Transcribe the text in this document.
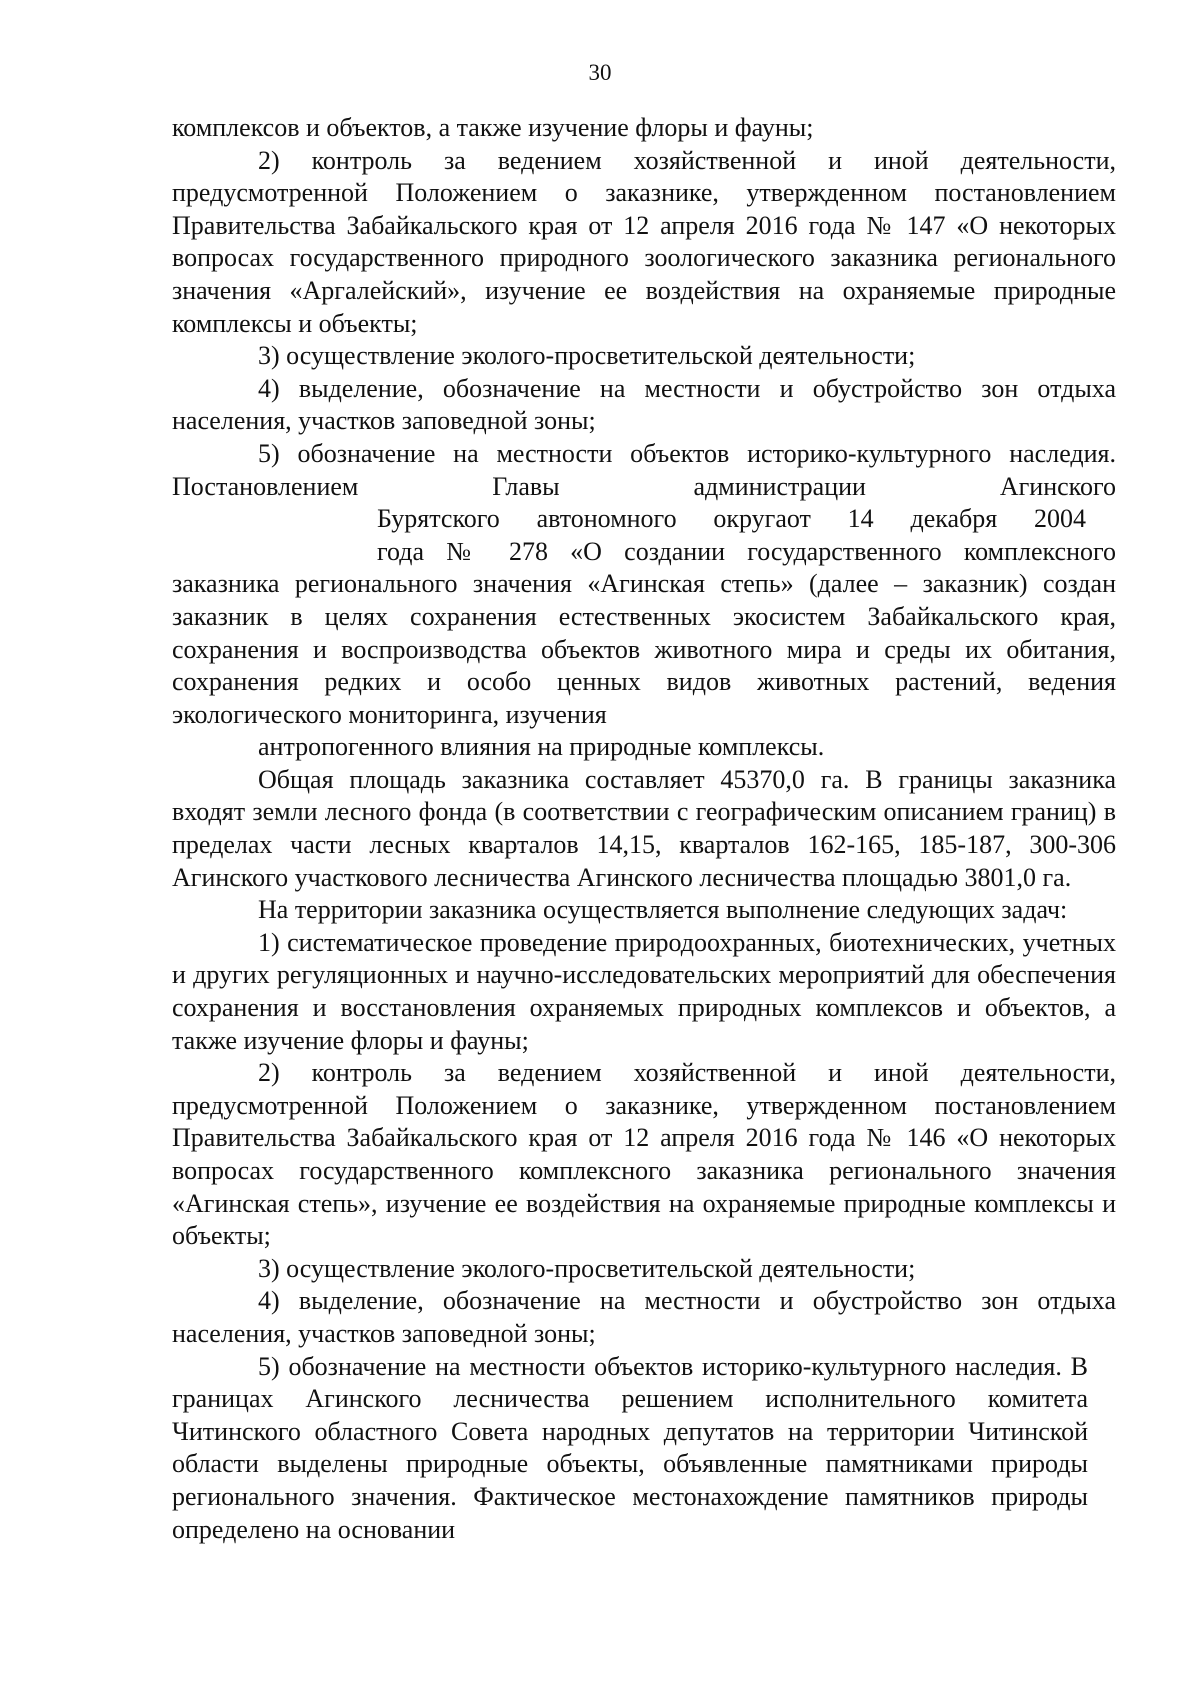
30

комплексов и объектов, а также изучение флоры и фауны;

2) контроль за ведением хозяйственной и иной деятельности, предусмотренной Положением о заказнике, утвержденном постановлением Правительства Забайкальского края от 12 апреля 2016 года № 147 «О некоторых вопросах государственного природного зоологического заказника регионального значения «Аргалейский», изучение ее воздействия на охраняемые природные комплексы и объекты;

3) осуществление эколого-просветительской деятельности;

4) выделение, обозначение на местности и обустройство зон отдыха населения, участков заповедной зоны;

5) обозначение на местности объектов историко-культурного наследия. Постановлением Главы администрации Агинского

Бурятского автономного округаот 14 декабря 2004

года № 278 «О создании государственного комплексного заказника регионального значения «Агинская степь» (далее – заказник) создан заказник в целях сохранения естественных экосистем Забайкальского края, сохранения и воспроизводства объектов животного мира и среды их обитания, сохранения редких и особо ценных видов животных растений, ведения экологического мониторинга, изучения

антропогенного влияния на природные комплексы.

Общая площадь заказника составляет 45370,0 га. В границы заказника входят земли лесного фонда (в соответствии с географическим описанием границ) в пределах части лесных кварталов 14,15, кварталов 162-165, 185-187, 300-306 Агинского участкового лесничества Агинского лесничества площадью 3801,0 га.

На территории заказника осуществляется выполнение следующих задач:

1) систематическое проведение природоохранных, биотехнических, учетных и других регуляционных и научно-исследовательских мероприятий для обеспечения сохранения и восстановления охраняемых природных комплексов и объектов, а также изучение флоры и фауны;

2) контроль за ведением хозяйственной и иной деятельности, предусмотренной Положением о заказнике, утвержденном постановлением Правительства Забайкальского края от 12 апреля 2016 года № 146 «О некоторых вопросах государственного комплексного заказника регионального значения «Агинская степь», изучение ее воздействия на охраняемые природные комплексы и объекты;

3) осуществление эколого-просветительской деятельности;

4) выделение, обозначение на местности и обустройство зон отдыха населения, участков заповедной зоны;

5) обозначение на местности объектов историко-культурного наследия. В границах Агинского лесничества решением исполнительного комитета Читинского областного Совета народных депутатов на территории Читинской области выделены природные объекты, объявленные памятниками природы регионального значения. Фактическое местонахождение памятников природы определено на основании
